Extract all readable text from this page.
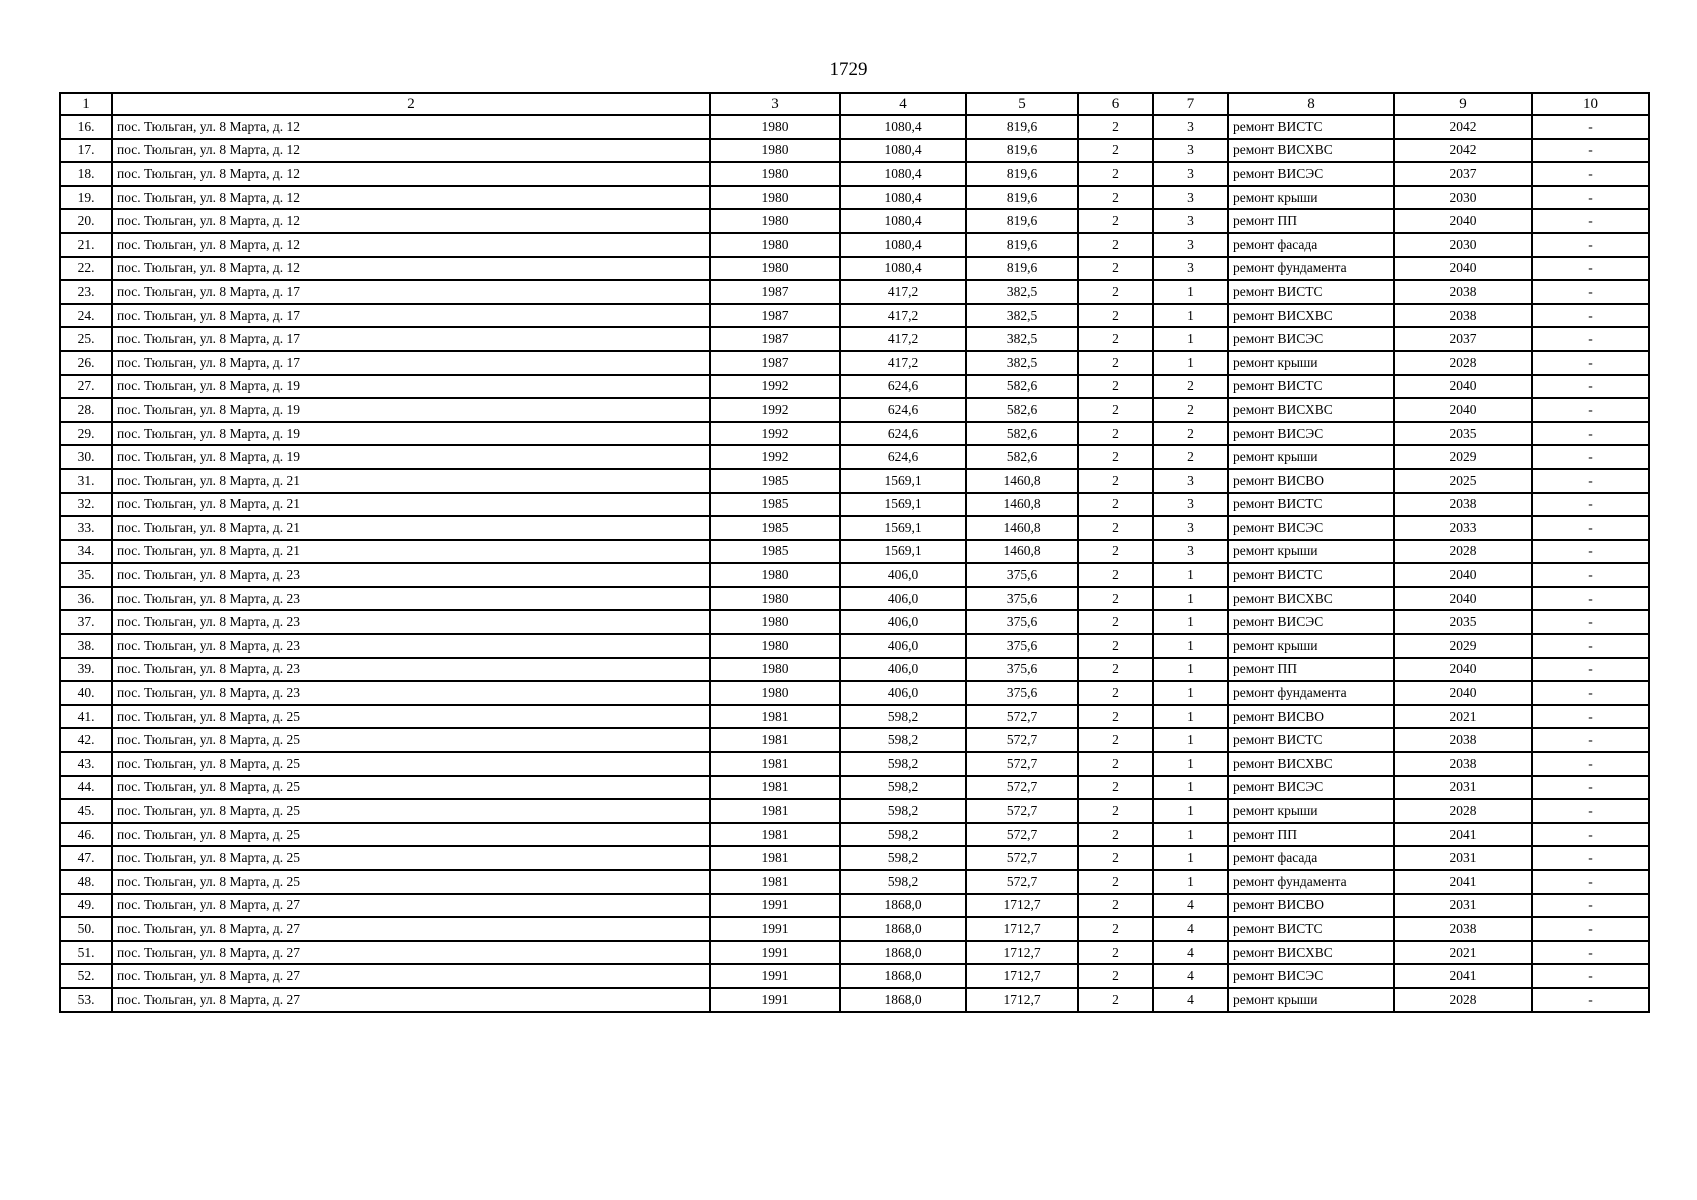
1729
1	2	3	4	5	6	7	8	9	10
16.	пос. Тюльган, ул. 8 Марта, д. 12	1980	1080,4	819,6	2	3	ремонт ВИСТС	2042	-
17.	пос. Тюльган, ул. 8 Марта, д. 12	1980	1080,4	819,6	2	3	ремонт ВИСХВС	2042	-
18.	пос. Тюльган, ул. 8 Марта, д. 12	1980	1080,4	819,6	2	3	ремонт ВИСЭС	2037	-
19.	пос. Тюльган, ул. 8 Марта, д. 12	1980	1080,4	819,6	2	3	ремонт крыши	2030	-
20.	пос. Тюльган, ул. 8 Марта, д. 12	1980	1080,4	819,6	2	3	ремонт ПП	2040	-
21.	пос. Тюльган, ул. 8 Марта, д. 12	1980	1080,4	819,6	2	3	ремонт фасада	2030	-
22.	пос. Тюльган, ул. 8 Марта, д. 12	1980	1080,4	819,6	2	3	ремонт фундамента	2040	-
23.	пос. Тюльган, ул. 8 Марта, д. 17	1987	417,2	382,5	2	1	ремонт ВИСТС	2038	-
24.	пос. Тюльган, ул. 8 Марта, д. 17	1987	417,2	382,5	2	1	ремонт ВИСХВС	2038	-
25.	пос. Тюльган, ул. 8 Марта, д. 17	1987	417,2	382,5	2	1	ремонт ВИСЭС	2037	-
26.	пос. Тюльган, ул. 8 Марта, д. 17	1987	417,2	382,5	2	1	ремонт крыши	2028	-
27.	пос. Тюльган, ул. 8 Марта, д. 19	1992	624,6	582,6	2	2	ремонт ВИСТС	2040	-
28.	пос. Тюльган, ул. 8 Марта, д. 19	1992	624,6	582,6	2	2	ремонт ВИСХВС	2040	-
29.	пос. Тюльган, ул. 8 Марта, д. 19	1992	624,6	582,6	2	2	ремонт ВИСЭС	2035	-
30.	пос. Тюльган, ул. 8 Марта, д. 19	1992	624,6	582,6	2	2	ремонт крыши	2029	-
31.	пос. Тюльган, ул. 8 Марта, д. 21	1985	1569,1	1460,8	2	3	ремонт ВИСВО	2025	-
32.	пос. Тюльган, ул. 8 Марта, д. 21	1985	1569,1	1460,8	2	3	ремонт ВИСТС	2038	-
33.	пос. Тюльган, ул. 8 Марта, д. 21	1985	1569,1	1460,8	2	3	ремонт ВИСЭС	2033	-
34.	пос. Тюльган, ул. 8 Марта, д. 21	1985	1569,1	1460,8	2	3	ремонт крыши	2028	-
35.	пос. Тюльган, ул. 8 Марта, д. 23	1980	406,0	375,6	2	1	ремонт ВИСТС	2040	-
36.	пос. Тюльган, ул. 8 Марта, д. 23	1980	406,0	375,6	2	1	ремонт ВИСХВС	2040	-
37.	пос. Тюльган, ул. 8 Марта, д. 23	1980	406,0	375,6	2	1	ремонт ВИСЭС	2035	-
38.	пос. Тюльган, ул. 8 Марта, д. 23	1980	406,0	375,6	2	1	ремонт крыши	2029	-
39.	пос. Тюльган, ул. 8 Марта, д. 23	1980	406,0	375,6	2	1	ремонт ПП	2040	-
40.	пос. Тюльган, ул. 8 Марта, д. 23	1980	406,0	375,6	2	1	ремонт фундамента	2040	-
41.	пос. Тюльган, ул. 8 Марта, д. 25	1981	598,2	572,7	2	1	ремонт ВИСВО	2021	-
42.	пос. Тюльган, ул. 8 Марта, д. 25	1981	598,2	572,7	2	1	ремонт ВИСТС	2038	-
43.	пос. Тюльган, ул. 8 Марта, д. 25	1981	598,2	572,7	2	1	ремонт ВИСХВС	2038	-
44.	пос. Тюльган, ул. 8 Марта, д. 25	1981	598,2	572,7	2	1	ремонт ВИСЭС	2031	-
45.	пос. Тюльган, ул. 8 Марта, д. 25	1981	598,2	572,7	2	1	ремонт крыши	2028	-
46.	пос. Тюльган, ул. 8 Марта, д. 25	1981	598,2	572,7	2	1	ремонт ПП	2041	-
47.	пос. Тюльган, ул. 8 Марта, д. 25	1981	598,2	572,7	2	1	ремонт фасада	2031	-
48.	пос. Тюльган, ул. 8 Марта, д. 25	1981	598,2	572,7	2	1	ремонт фундамента	2041	-
49.	пос. Тюльган, ул. 8 Марта, д. 27	1991	1868,0	1712,7	2	4	ремонт ВИСВО	2031	-
50.	пос. Тюльган, ул. 8 Марта, д. 27	1991	1868,0	1712,7	2	4	ремонт ВИСТС	2038	-
51.	пос. Тюльган, ул. 8 Марта, д. 27	1991	1868,0	1712,7	2	4	ремонт ВИСХВС	2021	-
52.	пос. Тюльган, ул. 8 Марта, д. 27	1991	1868,0	1712,7	2	4	ремонт ВИСЭС	2041	-
53.	пос. Тюльган, ул. 8 Марта, д. 27	1991	1868,0	1712,7	2	4	ремонт крыши	2028	-
